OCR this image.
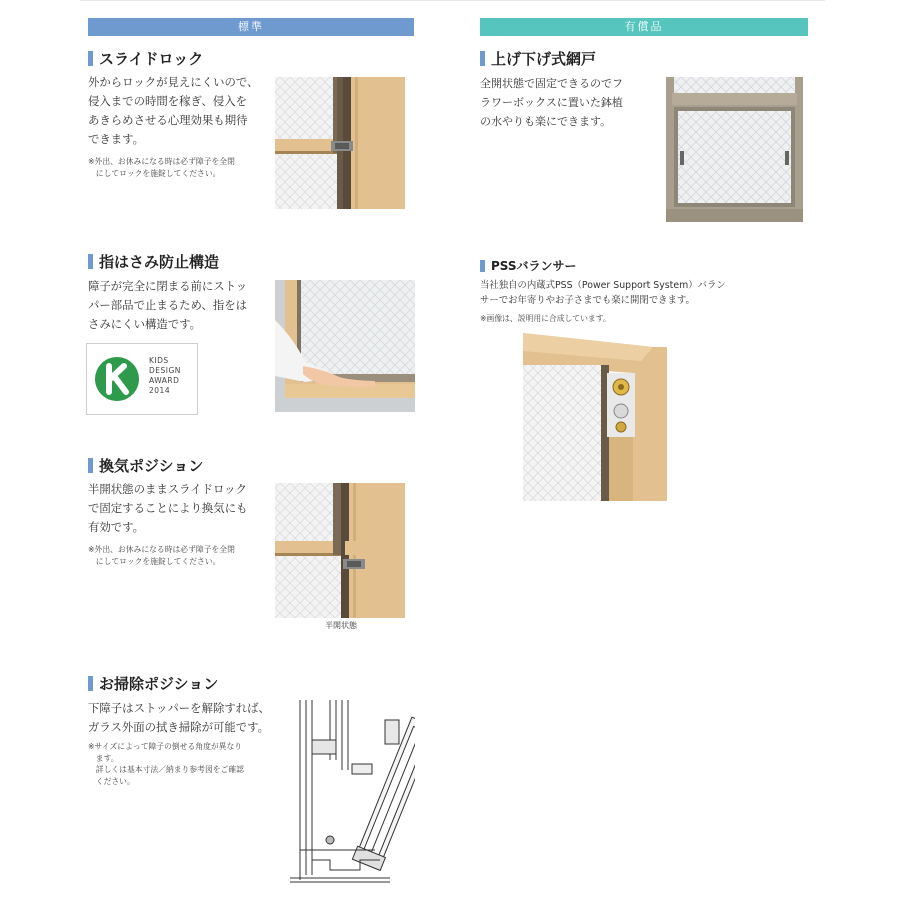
標準	有償品
スライドロック
外からロックが見えにくいので、
侵入までの時間を稼ぎ、侵入を
あきらめさせる心理効果も期待
できます。
※外出、お休みになる時は必ず障子を全閉
　にしてロックを施錠してください。
指はさみ防止構造
障子が完全に閉まる前にストッ
パー部品で止まるため、指をは
さみにくい構造です。
KIDS
DESIGN
AWARD
2014
換気ポジション
半開状態のままスライドロック
で固定することにより換気にも
有効です。
※外出、お休みになる時は必ず障子を全閉
　にしてロックを施錠してください。
半開状態
お掃除ポジション
下障子はストッパーを解除すれば、
ガラス外面の拭き掃除が可能です。
※サイズによって障子の倒せる角度が異なり
　ます。
　詳しくは基本寸法／納まり参考図をご確認
　ください。
上げ下げ式網戸
全開状態で固定できるのでフ
ラワーボックスに置いた鉢植
の水やりも楽にできます。
PSSバランサー
当社独自の内蔵式PSS（Power Support System）バラン
サーでお年寄りやお子さまでも楽に開閉できます。
※画像は、説明用に合成しています。
